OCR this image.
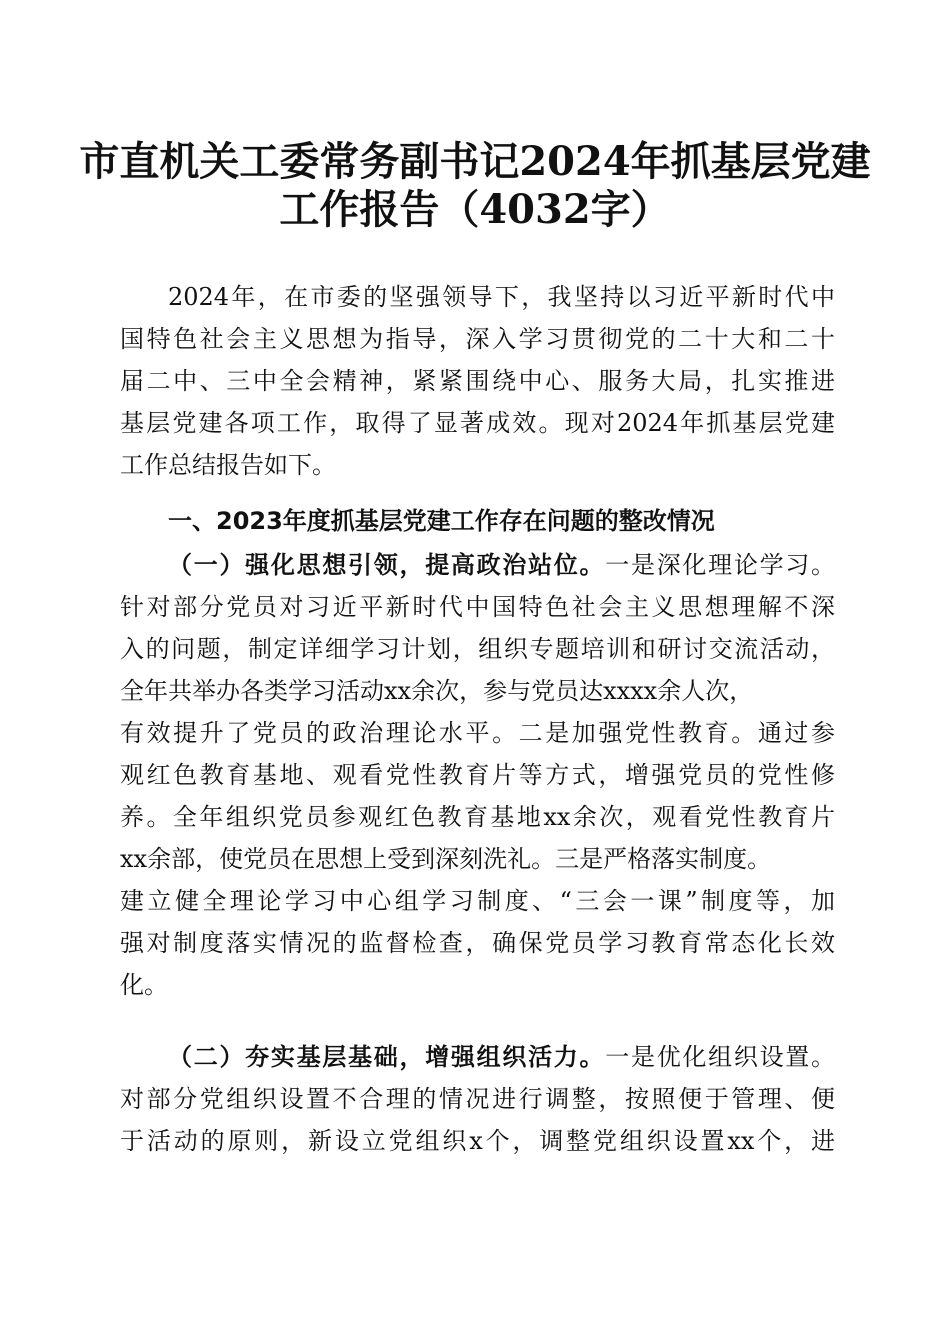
市直机关工委常务副书记2024年抓基层党建
工作报告（4032字）
2024年，在市委的坚强领导下，我坚持以习近平新时代中
国特色社会主义思想为指导，深入学习贯彻党的二十大和二十
届二中、三中全会精神，紧紧围绕中心、服务大局，扎实推进
基层党建各项工作，取得了显著成效。现对2024年抓基层党建
工作总结报告如下。
一、2023年度抓基层党建工作存在问题的整改情况
（一）强化思想引领，提高政治站位。一是深化理论学习。
针对部分党员对习近平新时代中国特色社会主义思想理解不深
入的问题，制定详细学习计划，组织专题培训和研讨交流活动，
全年共举办各类学习活动xx余次，参与党员达xxxx余人次，
有效提升了党员的政治理论水平。二是加强党性教育。通过参
观红色教育基地、观看党性教育片等方式，增强党员的党性修
养。全年组织党员参观红色教育基地xx余次，观看党性教育片
xx余部，使党员在思想上受到深刻洗礼。三是严格落实制度。
建立健全理论学习中心组学习制度、“三会一课”制度等，加
强对制度落实情况的监督检查，确保党员学习教育常态化长效
化。
（二）夯实基层基础，增强组织活力。一是优化组织设置。
对部分党组织设置不合理的情况进行调整，按照便于管理、便
于活动的原则，新设立党组织x个，调整党组织设置xx个，进
